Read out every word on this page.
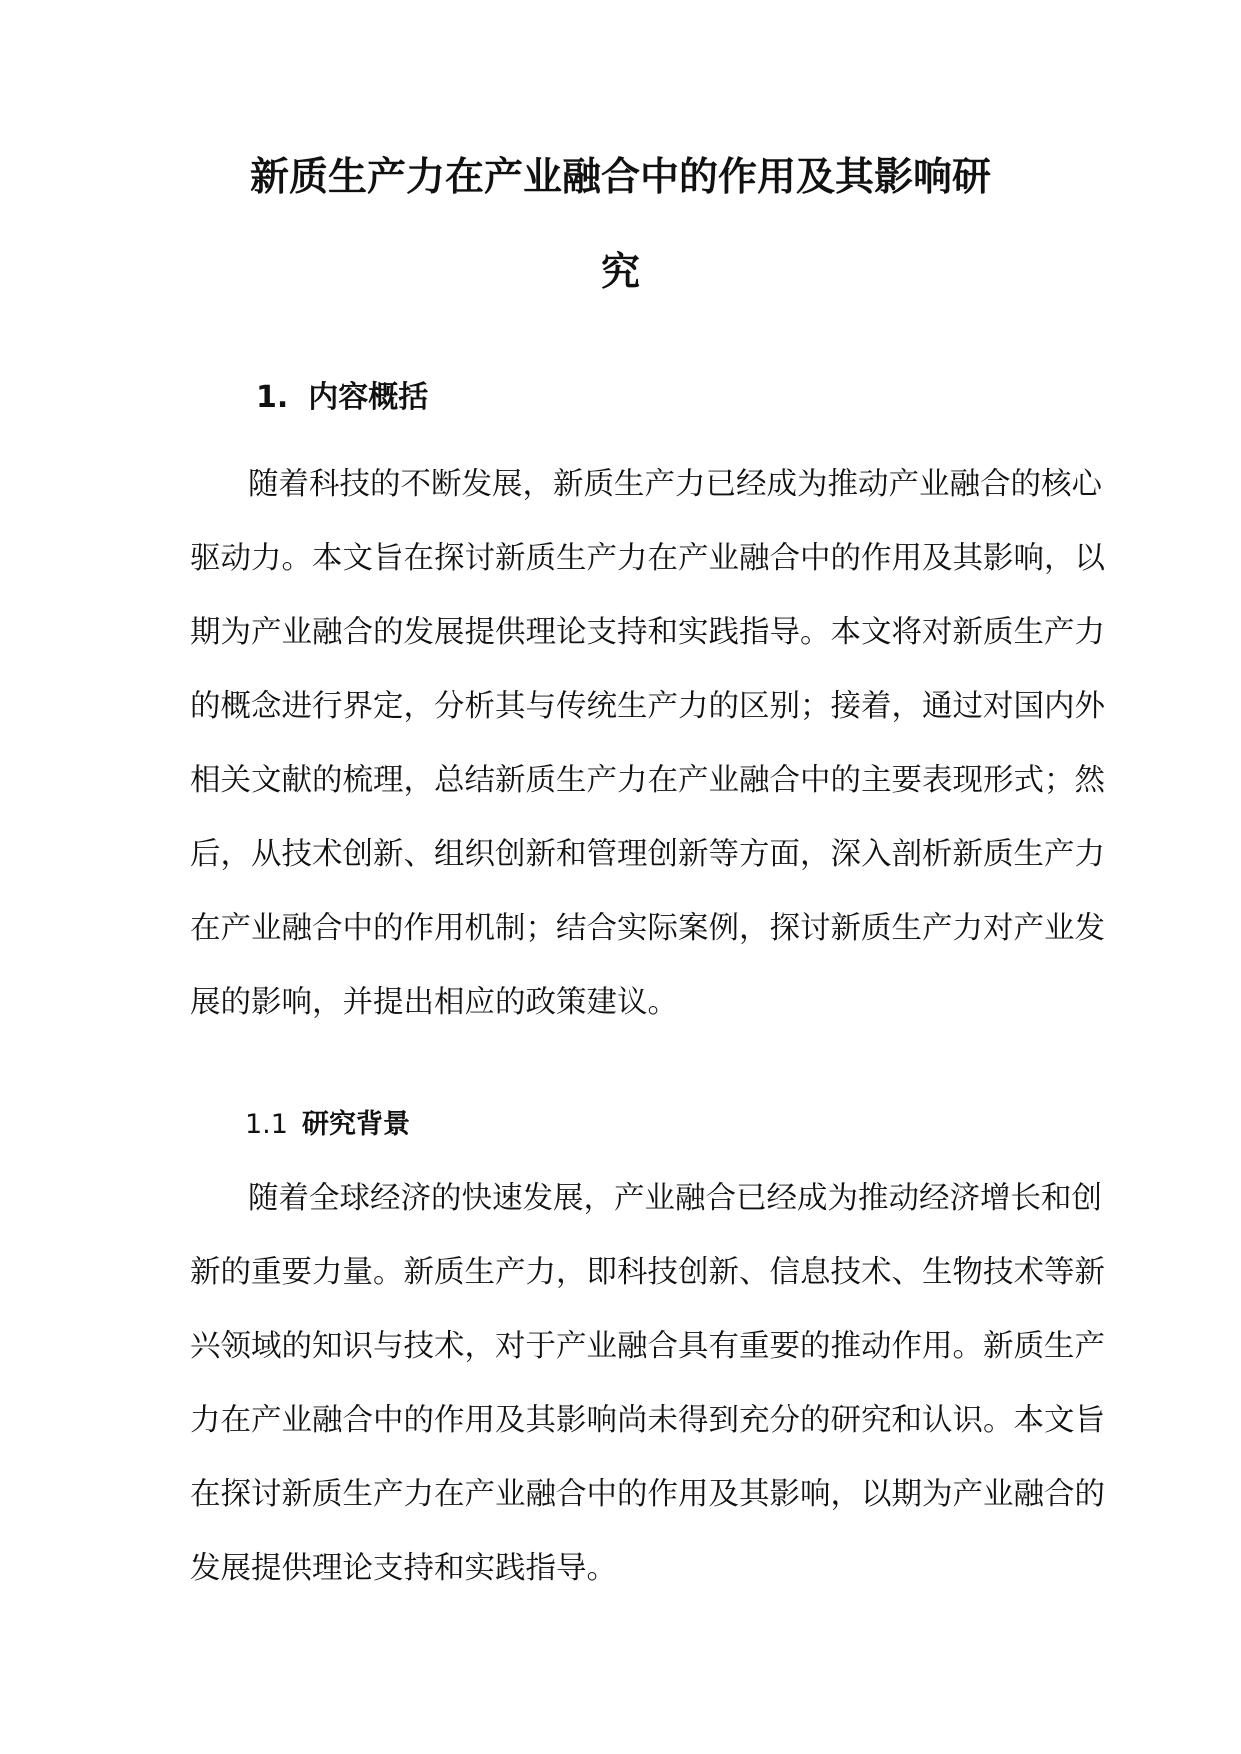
新质生产力在产业融合中的作用及其影响研
究
1. 内容概括
随着科技的不断发展，新质生产力已经成为推动产业融合的核心
驱动力。本文旨在探讨新质生产力在产业融合中的作用及其影响，以
期为产业融合的发展提供理论支持和实践指导。本文将对新质生产力
的概念进行界定，分析其与传统生产力的区别；接着，通过对国内外
相关文献的梳理，总结新质生产力在产业融合中的主要表现形式；然
后，从技术创新、组织创新和管理创新等方面，深入剖析新质生产力
在产业融合中的作用机制；结合实际案例，探讨新质生产力对产业发
展的影响，并提出相应的政策建议。
1.1 研究背景
随着全球经济的快速发展，产业融合已经成为推动经济增长和创
新的重要力量。新质生产力，即科技创新、信息技术、生物技术等新
兴领域的知识与技术，对于产业融合具有重要的推动作用。新质生产
力在产业融合中的作用及其影响尚未得到充分的研究和认识。本文旨
在探讨新质生产力在产业融合中的作用及其影响，以期为产业融合的
发展提供理论支持和实践指导。
